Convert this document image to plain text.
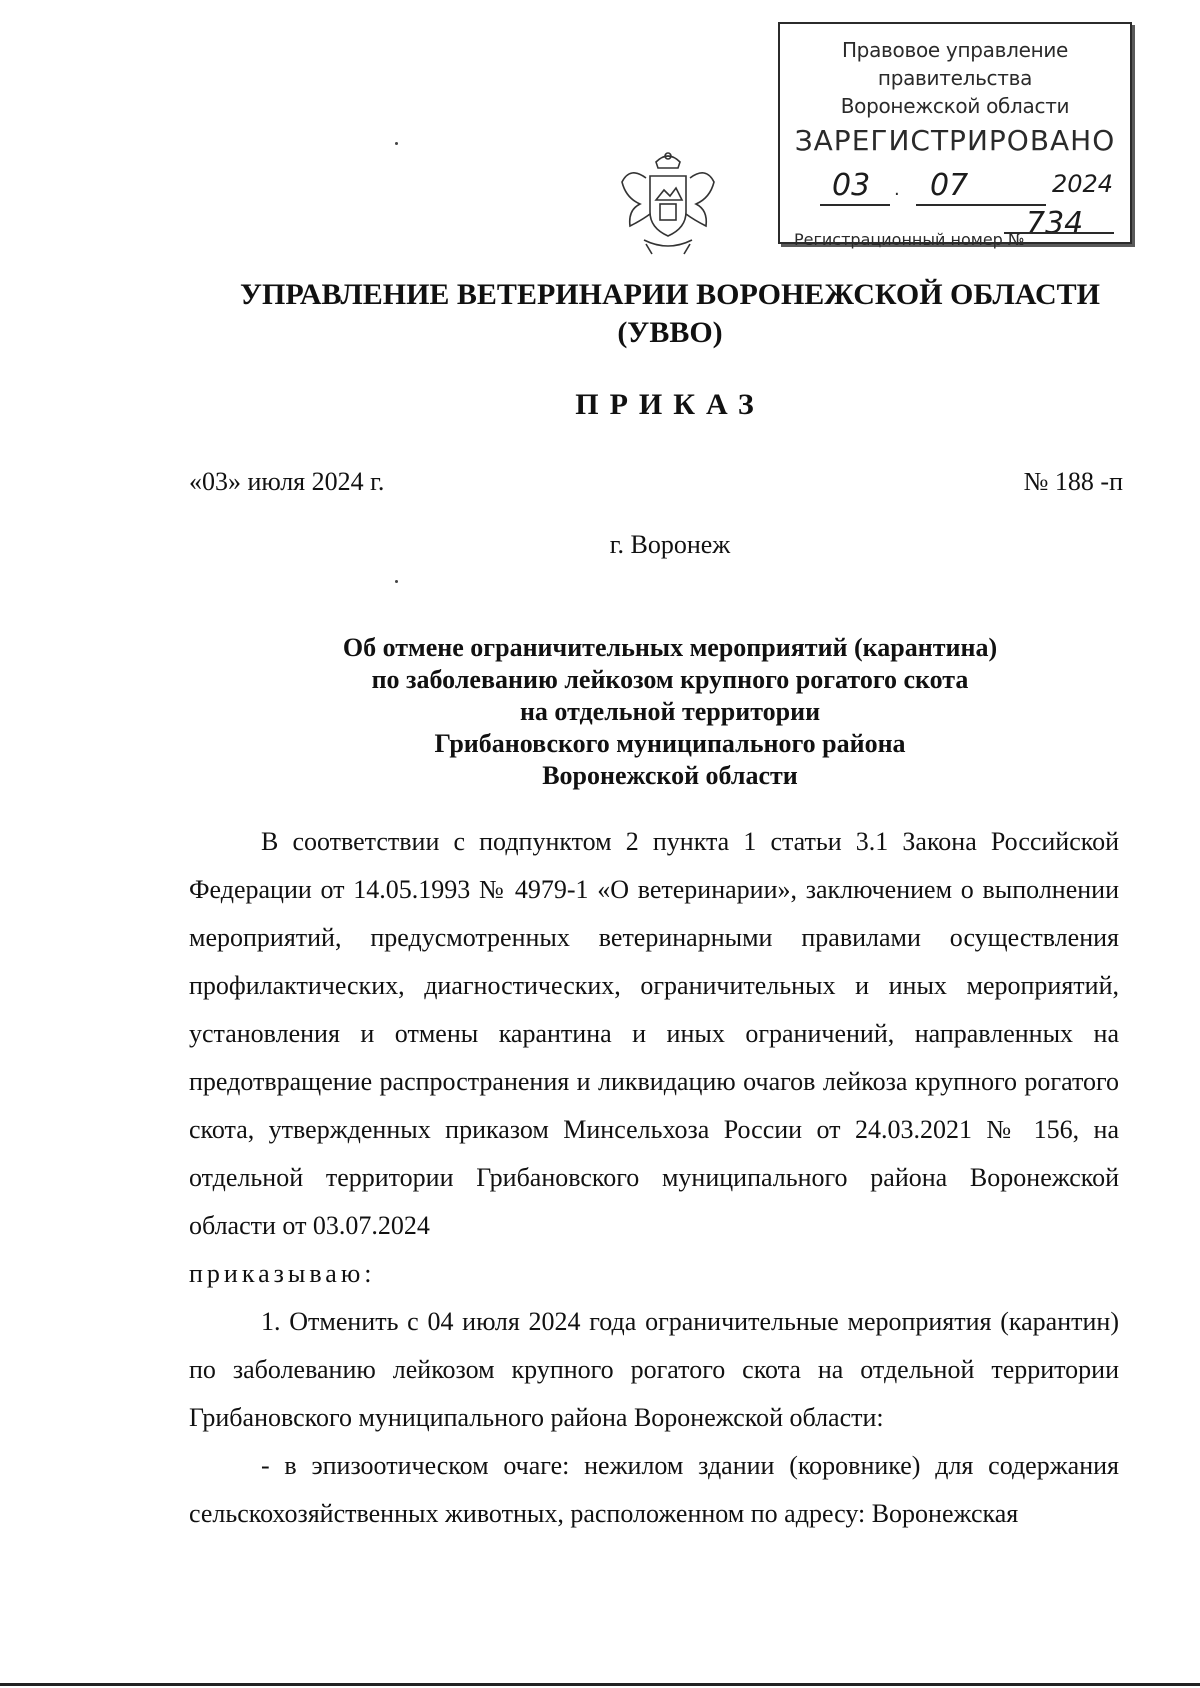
Правовое управление правительства
Воронежской области
ЗАРЕГИСТРИРОВАНО
03 · 07	2024
Регистрационный номер № 734
УПРАВЛЕНИЕ ВЕТЕРИНАРИИ ВОРОНЕЖСКОЙ ОБЛАСТИ
(УВВО)
ПРИКАЗ
«03» июля 2024 г.	№ 188 -п
г. Воронеж
Об отмене ограничительных мероприятий (карантина)
по заболеванию лейкозом крупного рогатого скота
на отдельной территории
Грибановского муниципального района
Воронежской области

В соответствии с подпунктом 2 пункта 1 статьи 3.1 Закона Российской Федерации от 14.05.1993 № 4979-1 «О ветеринарии», заключением о выполнении мероприятий, предусмотренных ветеринарными правилами осуществления профилактических, диагностических, ограничительных и иных мероприятий, установления и отмены карантина и иных ограничений, направленных на предотвращение распространения и ликвидацию очагов лейкоза крупного рогатого скота, утвержденных приказом Минсельхоза России от 24.03.2021 № 156, на отдельной территории Грибановского муниципального района Воронежской области от 03.07.2024

приказываю:

1. Отменить с 04 июля 2024 года ограничительные мероприятия (карантин) по заболеванию лейкозом крупного рогатого скота на отдельной территории Грибановского муниципального района Воронежской области:

- в эпизоотическом очаге: нежилом здании (коровнике) для содержания сельскохозяйственных животных, расположенном по адресу: Воронежская
